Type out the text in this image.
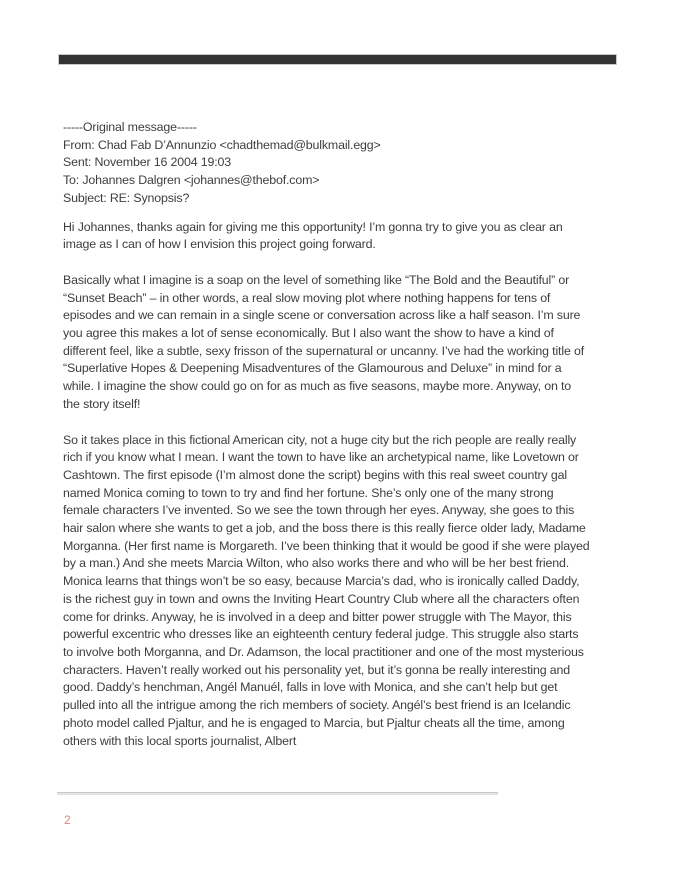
-----Original message-----
From: Chad Fab D’Annunzio <chadthemad@bulkmail.egg>
Sent: November 16 2004 19:03
To: Johannes Dalgren <johannes@thebof.com>
Subject: RE: Synopsis?

Hi Johannes, thanks again for giving me this opportunity! I’m gonna try to give you as clear an image as I can of how I envision this project going forward.

Basically what I imagine is a soap on the level of something like “The Bold and the Beautiful” or “Sunset Beach” – in other words, a real slow moving plot where nothing happens for tens of episodes and we can remain in a single scene or conversation across like a half season. I’m sure you agree this makes a lot of sense economically. But I also want the show to have a kind of different feel, like a subtle, sexy frisson of the supernatural or uncanny. I’ve had the working title of “Superlative Hopes & Deepening Misadventures of the Glamourous and Deluxe” in mind for a while. I imagine the show could go on for as much as five seasons, maybe more. Anyway, on to the story itself!

So it takes place in this fictional American city, not a huge city but the rich people are really really rich if you know what I mean. I want the town to have like an archetypical name, like Lovetown or Cashtown. The first episode (I’m almost done the script) begins with this real sweet country gal named Monica coming to town to try and find her fortune. She’s only one of the many strong female characters I’ve invented. So we see the town through her eyes. Anyway, she goes to this hair salon where she wants to get a job, and the boss there is this really fierce older lady, Madame Morganna. (Her first name is Morgareth. I’ve been thinking that it would be good if she were played by a man.) And she meets Marcia Wilton, who also works there and who will be her best friend. Monica learns that things won’t be so easy, because Marcia’s dad, who is ironically called Daddy, is the richest guy in town and owns the Inviting Heart Country Club where all the characters often come for drinks. Anyway, he is involved in a deep and bitter power struggle with The Mayor, this powerful excentric who dresses like an eighteenth century federal judge. This struggle also starts to involve both Morganna, and Dr. Adamson, the local practitioner and one of the most mysterious characters. Haven’t really worked out his personality yet, but it’s gonna be really interesting and good. Daddy’s henchman, Angél Manuél, falls in love with Monica, and she can’t help but get pulled into all the intrigue among the rich members of society. Angél’s best friend is an Icelandic photo model called Pjaltur, and he is engaged to Marcia, but Pjaltur cheats all the time, among others with this local sports journalist, Albert

2
